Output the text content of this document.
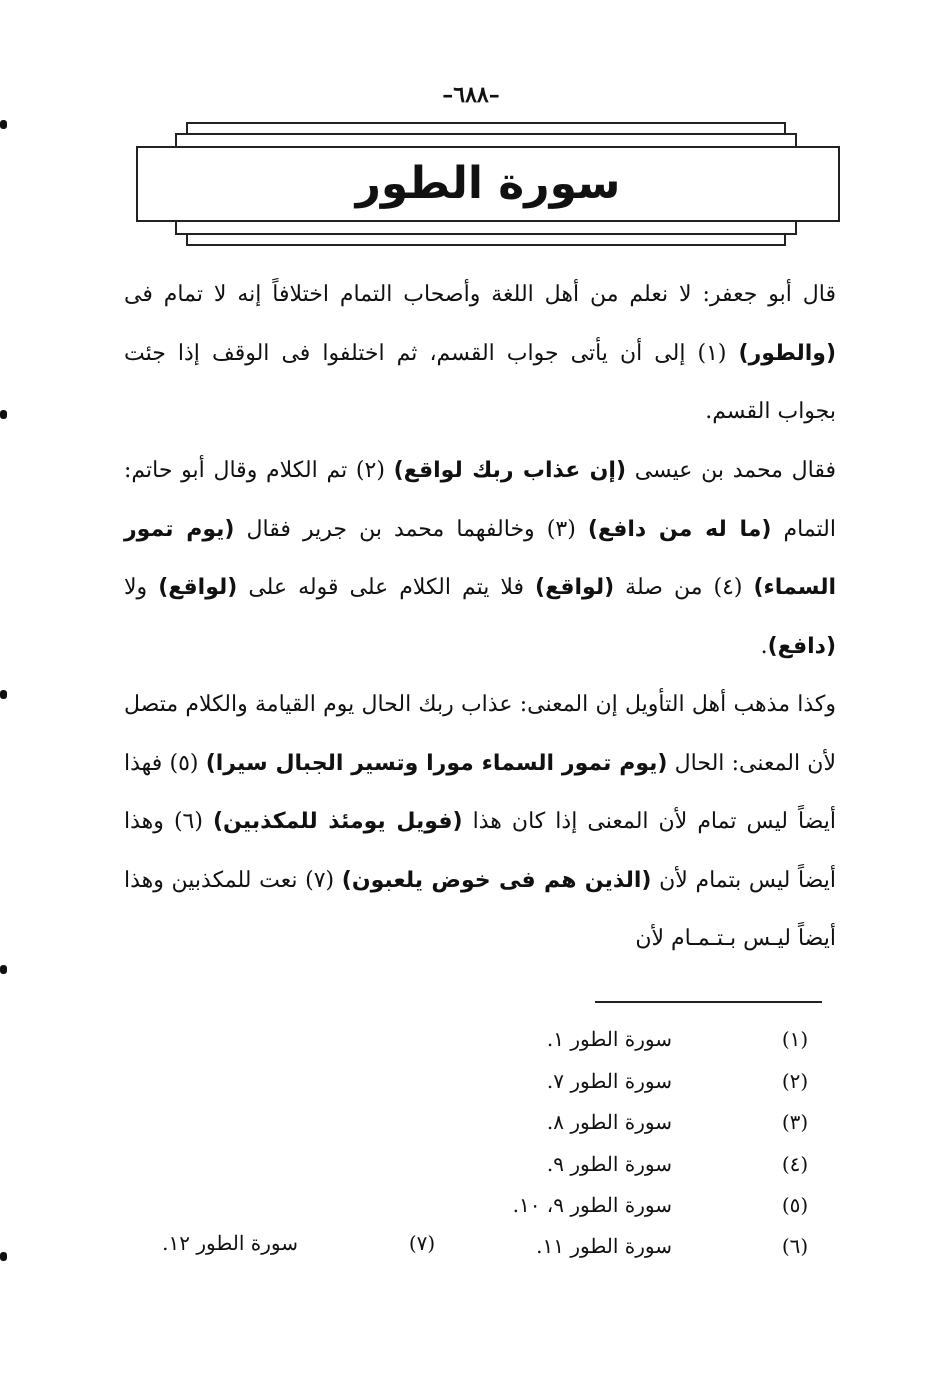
–٦٨٨–
سورة الطور

قال أبو جعفر: لا نعلم من أهل اللغة وأصحاب التمام اختلافاً إنه لا تمام فى (والطور) (١) إلى أن يأتى جواب القسم، ثم اختلفوا فى الوقف إذا جئت بجواب القسم.

فقال محمد بن عيسى (إن عذاب ربك لواقع) (٢) تم الكلام وقال أبو حاتم: التمام (ما له من دافع) (٣) وخالفهما محمد بن جرير فقال (يوم تمور السماء) (٤) من صلة (لواقع) فلا يتم الكلام على قوله على (لواقع) ولا (دافع).

وكذا مذهب أهل التأويل إن المعنى: عذاب ربك الحال يوم القيامة والكلام متصل لأن المعنى: الحال (يوم تمور السماء مورا وتسير الجبال سيرا) (٥) فهذا أيضاً ليس تمام لأن المعنى إذا كان هذا (فويل يومئذ للمكذبين) (٦) وهذا أيضاً ليس بتمام لأن (الذين هم فى خوض يلعبون) (٧) نعت للمكذبين وهذا أيضاً ليـس بـتـمـام لأن

(١)
سورة الطور ١.
(٢)
سورة الطور ٧.
(٣)
سورة الطور ٨.
(٤)
سورة الطور ٩.
(٥)
سورة الطور ٩، ١٠.
(٦)
سورة الطور ١١.
(٧)
سورة الطور ١٢.
